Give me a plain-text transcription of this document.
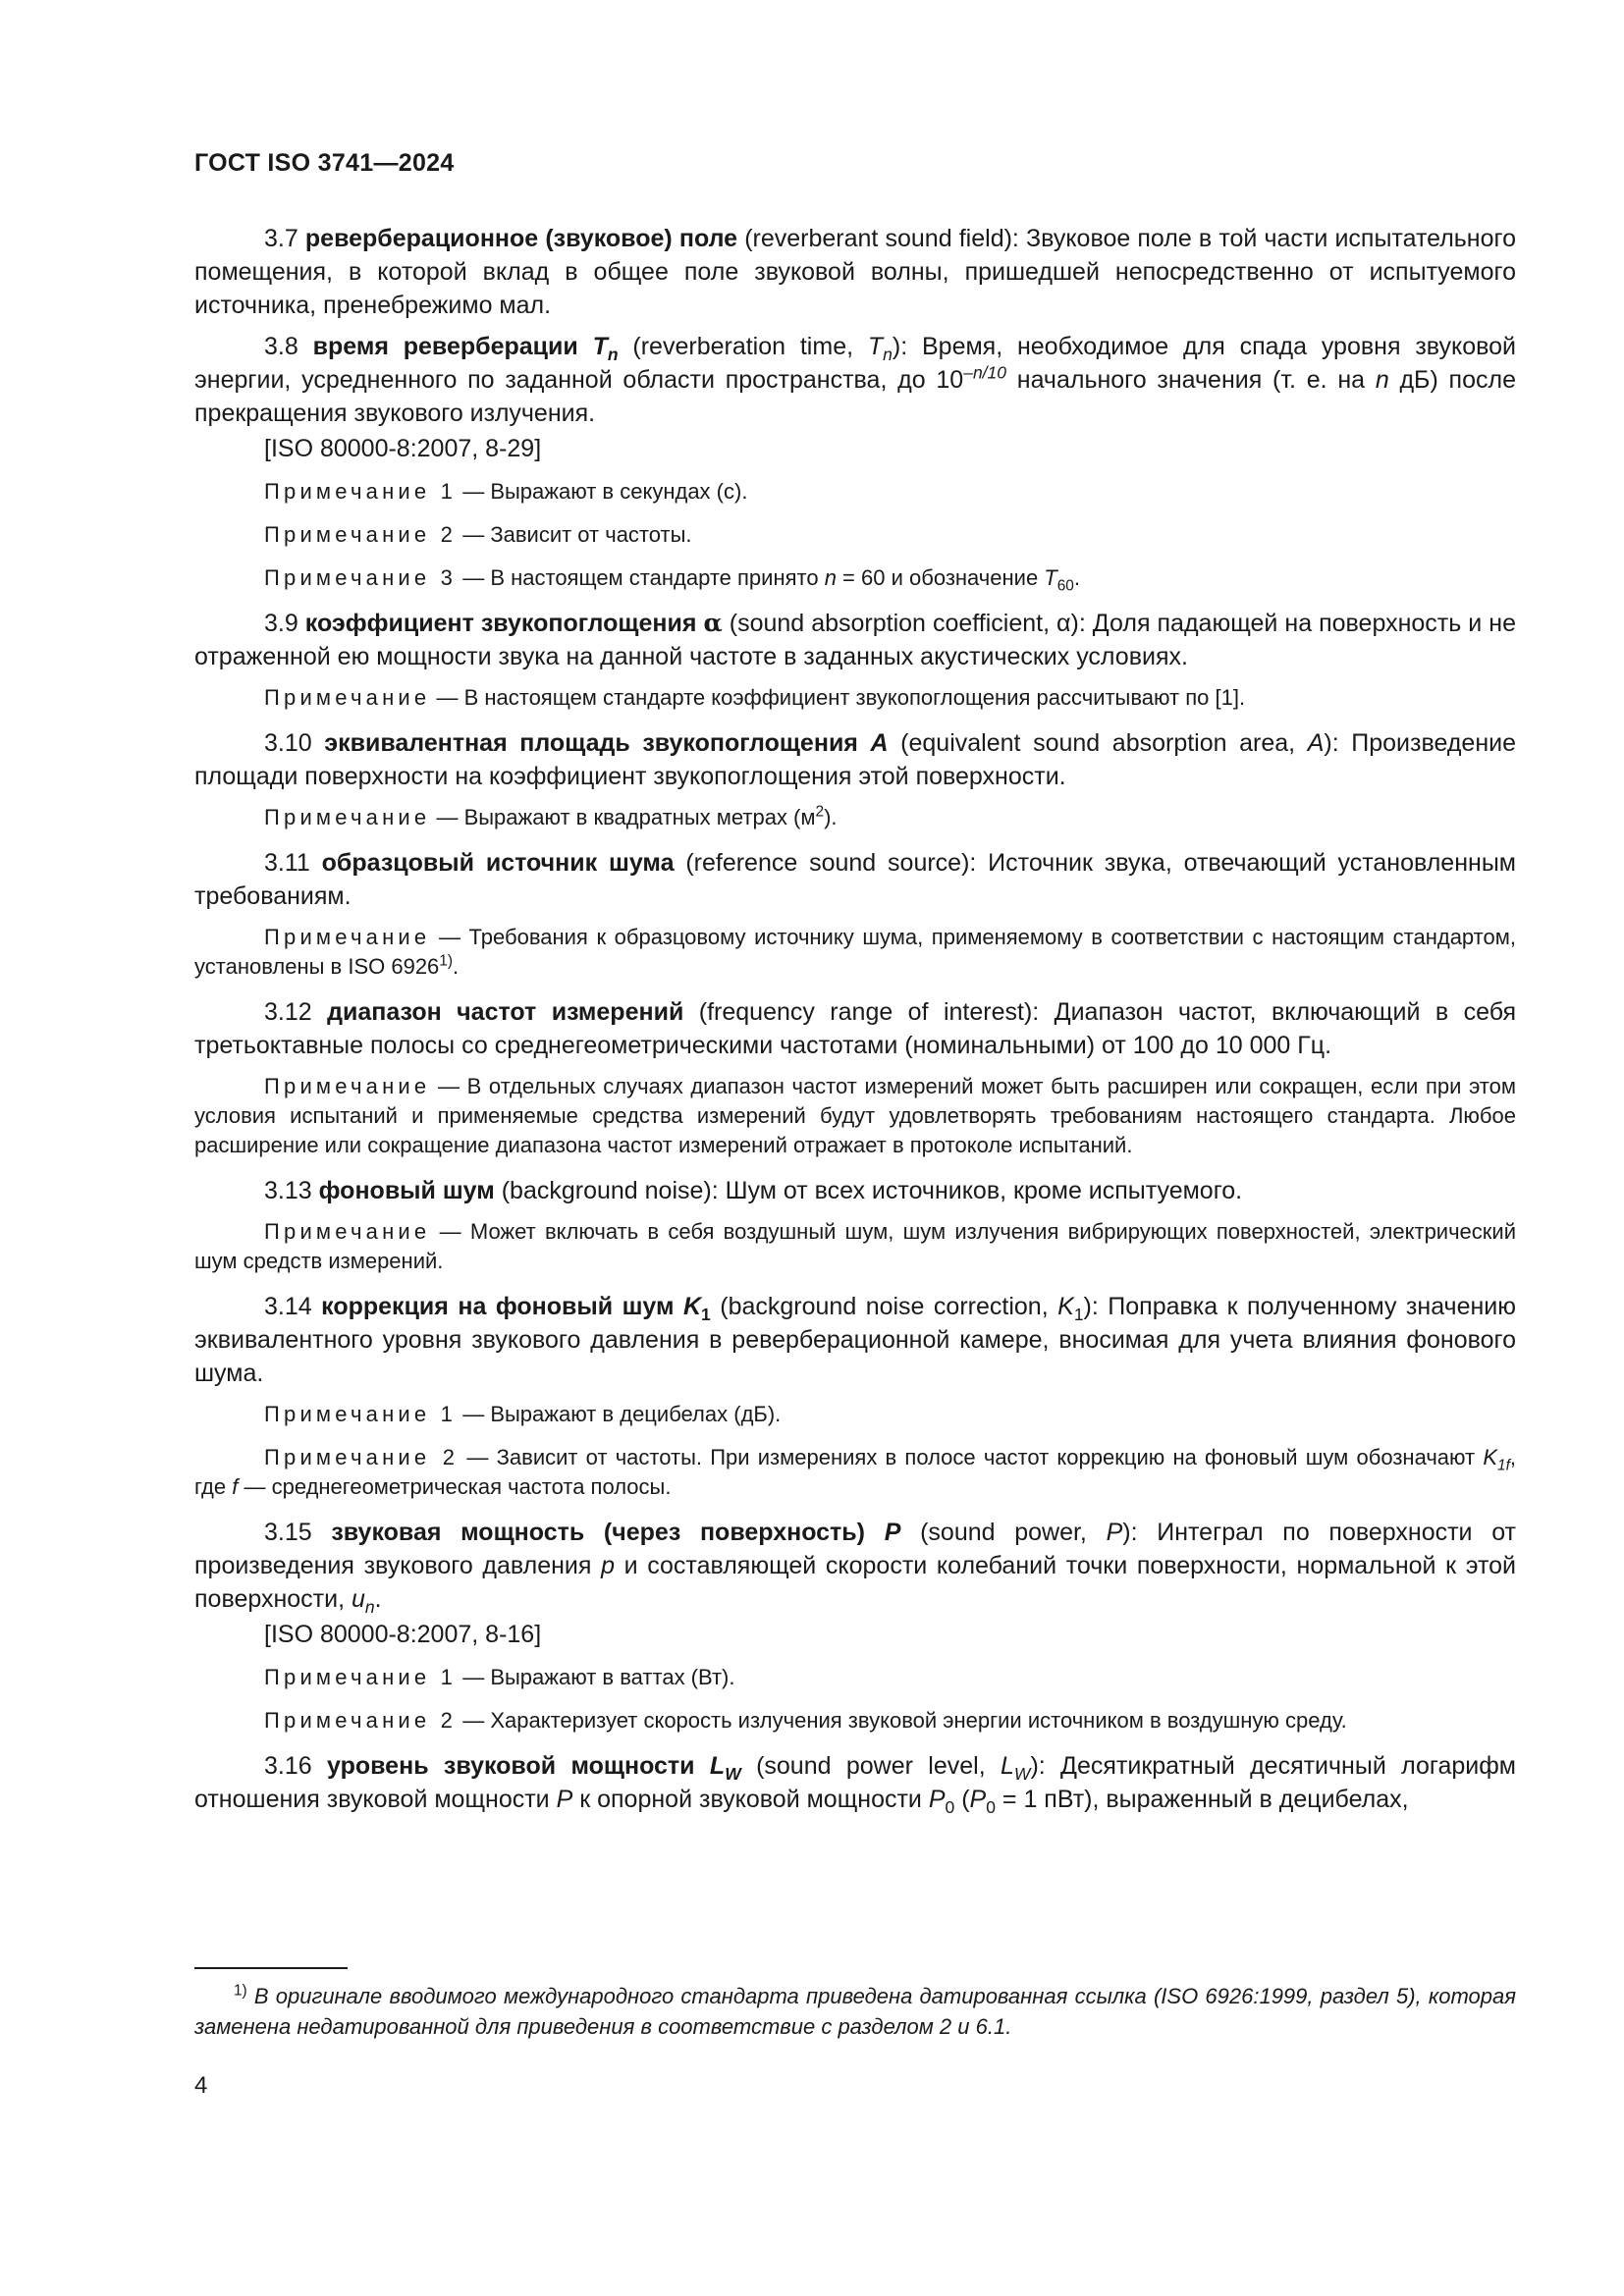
ГОСТ ISO 3741—2024

3.7 реверберационное (звуковое) поле (reverberant sound field): Звуковое поле в той части испытательного помещения, в которой вклад в общее поле звуковой волны, пришедшей непосредственно от испытуемого источника, пренебрежимо мал.

3.8 время реверберации $T_n$ (reverberation time, $T_n$): Время, необходимое для спада уровня звуковой энергии, усредненного по заданной области пространства, до $10^{-n/10}$ начального значения (т. е. на n дБ) после прекращения звукового излучения.

[ISO 80000-8:2007, 8-29]

Примечание 1 — Выражают в секундах (с).

Примечание 2 — Зависит от частоты.

Примечание 3 — В настоящем стандарте принято n = 60 и обозначение $T_{60}$.

3.9 коэффициент звукопоглощения α (sound absorption coefficient, α): Доля падающей на поверхность и не отраженной ею мощности звука на данной частоте в заданных акустических условиях.

Примечание — В настоящем стандарте коэффициент звукопоглощения рассчитывают по [1].

3.10 эквивалентная площадь звукопоглощения A (equivalent sound absorption area, A): Произведение площади поверхности на коэффициент звукопоглощения этой поверхности.

Примечание — Выражают в квадратных метрах $(м^2)$.

3.11 образцовый источник шума (reference sound source): Источник звука, отвечающий установленным требованиям.

Примечание — Требования к образцовому источнику шума, применяемому в соответствии с настоящим стандартом, установлены в ISO 6926$^{1)}$.

3.12 диапазон частот измерений (frequency range of interest): Диапазон частот, включающий в себя третьоктавные полосы со среднегеометрическими частотами (номинальными) от 100 до 10 000 Гц.

Примечание — В отдельных случаях диапазон частот измерений может быть расширен или сокращен, если при этом условия испытаний и применяемые средства измерений будут удовлетворять требованиям настоящего стандарта. Любое расширение или сокращение диапазона частот измерений отражает в протоколе испытаний.

3.13 фоновый шум (background noise): Шум от всех источников, кроме испытуемого.

Примечание — Может включать в себя воздушный шум, шум излучения вибрирующих поверхностей, электрический шум средств измерений.

3.14 коррекция на фоновый шум $K_1$ (background noise correction, $K_1$): Поправка к полученному значению эквивалентного уровня звукового давления в реверберационной камере, вносимая для учета влияния фонового шума.

Примечание 1 — Выражают в децибелах (дБ).

Примечание 2 — Зависит от частоты. При измерениях в полосе частот коррекцию на фоновый шум обозначают $K_{1f}$, где f — среднегеометрическая частота полосы.

3.15 звуковая мощность (через поверхность) P (sound power, P): Интеграл по поверхности от произведения звукового давления p и составляющей скорости колебаний точки поверхности, нормальной к этой поверхности, $u_n$.

[ISO 80000-8:2007, 8-16]

Примечание 1 — Выражают в ваттах (Вт).

Примечание 2 — Характеризует скорость излучения звуковой энергии источником в воздушную среду.

3.16 уровень звуковой мощности $L_W$ (sound power level, $L_W$): Десятикратный десятичный логарифм отношения звуковой мощности P к опорной звуковой мощности $P_0$ ($P_0 = 1$ пВт), выраженный в децибелах,

$^{1)}$ В оригинале вводимого международного стандарта приведена датированная ссылка (ISO 6926:1999, раздел 5), которая заменена недатированной для приведения в соответствие с разделом 2 и 6.1.
4
